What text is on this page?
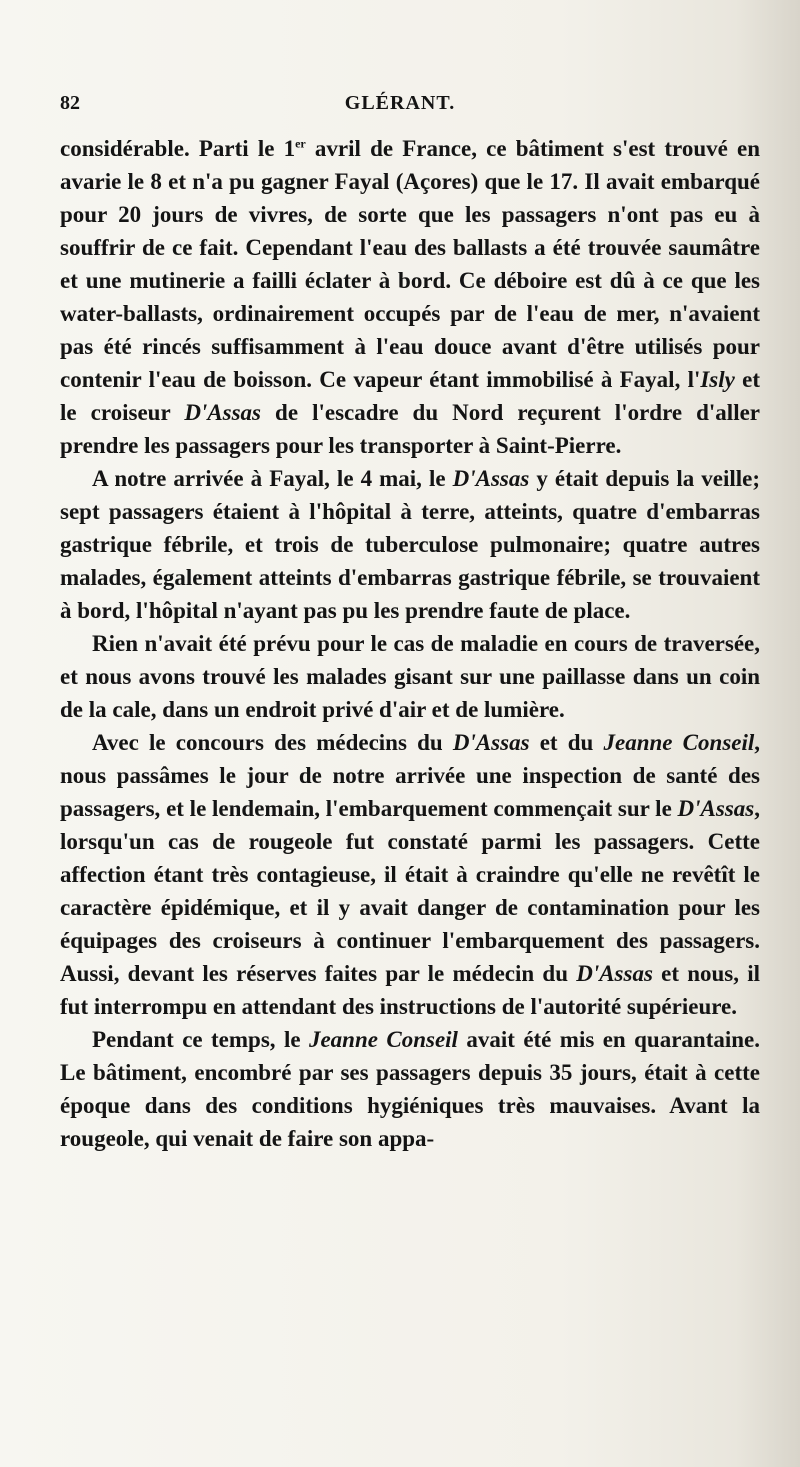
82	GLÉRANT.

considérable. Parti le 1er avril de France, ce bâtiment s'est trouvé en avarie le 8 et n'a pu gagner Fayal (Açores) que le 17. Il avait embarqué pour 20 jours de vivres, de sorte que les passagers n'ont pas eu à souffrir de ce fait. Cependant l'eau des ballasts a été trouvée saumâtre et une mutinerie a failli éclater à bord. Ce déboire est dû à ce que les water-ballasts, ordinairement occupés par de l'eau de mer, n'avaient pas été rincés suffisamment à l'eau douce avant d'être utilisés pour contenir l'eau de boisson. Ce vapeur étant immobilisé à Fayal, l'Isly et le croiseur D'Assas de l'escadre du Nord reçurent l'ordre d'aller prendre les passagers pour les transporter à Saint-Pierre.

A notre arrivée à Fayal, le 4 mai, le D'Assas y était depuis la veille; sept passagers étaient à l'hôpital à terre, atteints, quatre d'embarras gastrique fébrile, et trois de tuberculose pulmonaire; quatre autres malades, également atteints d'embarras gastrique fébrile, se trouvaient à bord, l'hôpital n'ayant pas pu les prendre faute de place.

Rien n'avait été prévu pour le cas de maladie en cours de traversée, et nous avons trouvé les malades gisant sur une paillasse dans un coin de la cale, dans un endroit privé d'air et de lumière.

Avec le concours des médecins du D'Assas et du Jeanne Conseil, nous passâmes le jour de notre arrivée une inspection de santé des passagers, et le lendemain, l'embarquement commençait sur le D'Assas, lorsqu'un cas de rougeole fut constaté parmi les passagers. Cette affection étant très contagieuse, il était à craindre qu'elle ne revêtît le caractère épidémique, et il y avait danger de contamination pour les équipages des croiseurs à continuer l'embarquement des passagers. Aussi, devant les réserves faites par le médecin du D'Assas et nous, il fut interrompu en attendant des instructions de l'autorité supérieure.

Pendant ce temps, le Jeanne Conseil avait été mis en quarantaine. Le bâtiment, encombré par ses passagers depuis 35 jours, était à cette époque dans des conditions hygiéniques très mauvaises. Avant la rougeole, qui venait de faire son appa-
